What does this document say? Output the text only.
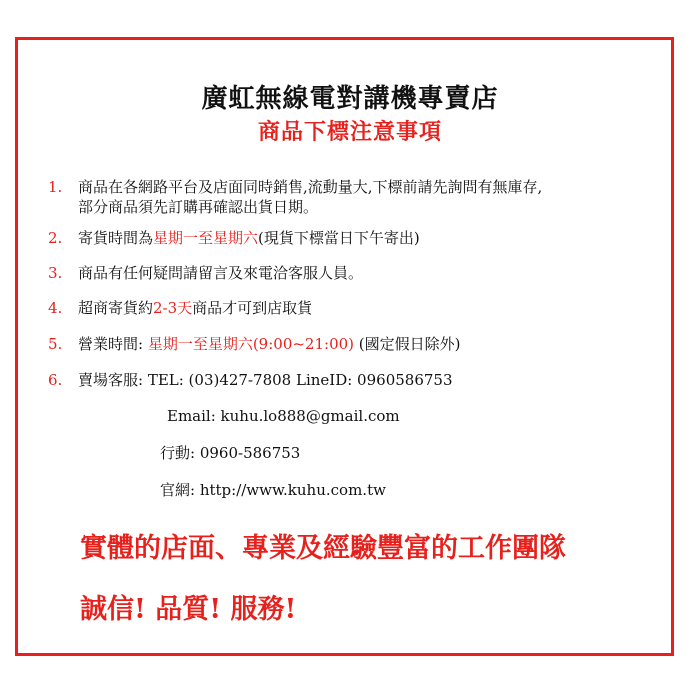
廣虹無線電對講機專賣店
商品下標注意事項
1. 商品在各網路平台及店面同時銷售,流動量大,下標前請先詢問有無庫存,
部分商品須先訂購再確認出貨日期。
2. 寄貨時間為星期一至星期六(現貨下標當日下午寄出)
3. 商品有任何疑問請留言及來電洽客服人員。
4. 超商寄貨約2-3天商品才可到店取貨
5. 營業時間: 星期一至星期六(9:00~21:00) (國定假日除外)
6. 賣場客服: TEL: (03)427-7808 LineID: 0960586753
Email: kuhu.lo888@gmail.com
行動: 0960-586753
官網: http://www.kuhu.com.tw
實體的店面、專業及經驗豐富的工作團隊
誠信! 品質! 服務!
